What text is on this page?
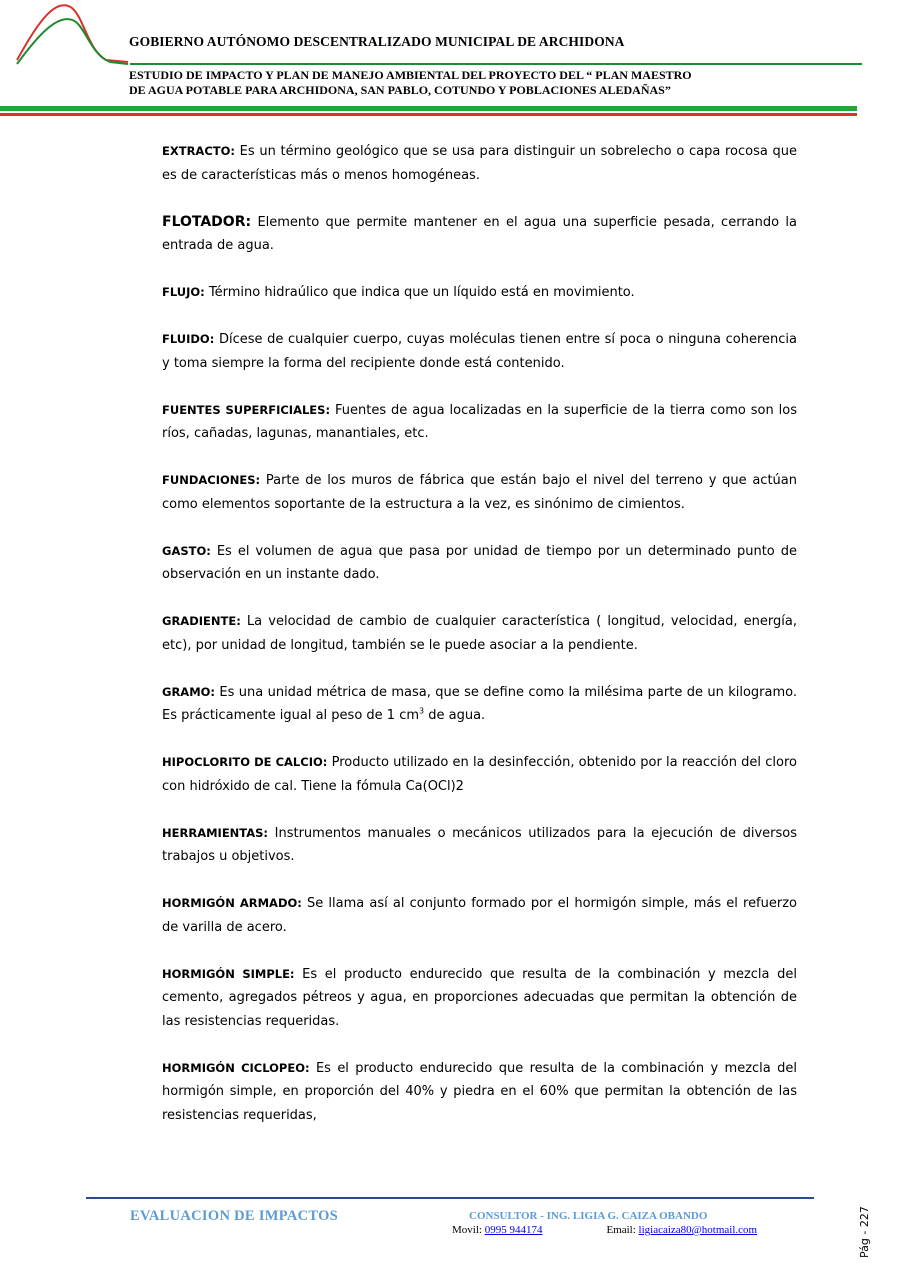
GOBIERNO AUTÓNOMO DESCENTRALIZADO MUNICIPAL DE ARCHIDONA
ESTUDIO DE IMPACTO Y PLAN DE MANEJO AMBIENTAL DEL PROYECTO DEL “ PLAN MAESTRO
DE AGUA POTABLE PARA ARCHIDONA, SAN PABLO, COTUNDO Y POBLACIONES ALEDAÑAS”

EXTRACTO: Es un término geológico que se usa para distinguir un sobrelecho o capa rocosa que es de características más o menos homogéneas.

FLOTADOR: Elemento que permite mantener en el agua una superficie pesada, cerrando la entrada de agua.

FLUJO: Término hidraúlico que indica que un líquido está en movimiento.

FLUIDO: Dícese de cualquier cuerpo, cuyas moléculas tienen entre sí poca o ninguna coherencia y toma siempre la forma del recipiente donde está contenido.

FUENTES SUPERFICIALES: Fuentes de agua localizadas en la superficie de la tierra como son los ríos, cañadas, lagunas, manantiales, etc.

FUNDACIONES: Parte de los muros de fábrica que están bajo el nivel del terreno y que actúan como elementos soportante de la estructura a la vez, es sinónimo de cimientos.

GASTO: Es el volumen de agua que pasa por unidad de tiempo por un determinado punto de observación en un instante dado.

GRADIENTE: La velocidad de cambio de cualquier característica ( longitud, velocidad, energía, etc), por unidad de longitud, también se le puede asociar a la pendiente.

GRAMO: Es una unidad métrica de masa, que se define como la milésima parte de un kilogramo. Es prácticamente igual al peso de 1 $cm^3$ de agua.

HIPOCLORITO DE CALCIO: Producto utilizado en la desinfección, obtenido por la reacción del cloro con hidróxido de cal. Tiene la fómula Ca(OCl)2

HERRAMIENTAS: Instrumentos manuales o mecánicos utilizados para la ejecución de diversos trabajos u objetivos.

HORMIGÓN ARMADO: Se llama así al conjunto formado por el hormigón simple, más el refuerzo de varilla de acero.

HORMIGÓN SIMPLE: Es el producto endurecido que resulta de la combinación y mezcla del cemento, agregados pétreos y agua, en proporciones adecuadas que permitan la obtención de las resistencias requeridas.

HORMIGÓN CICLOPEO: Es el producto endurecido que resulta de la combinación y mezcla del hormigón simple, en proporción del 40% y piedra en el 60% que permitan la obtención de las resistencias requeridas,

EVALUACION DE IMPACTOS	CONSULTOR - ING. LIGIA G. CAIZA OBANDO
Movil: 0995 944174	Email: ligiacaiza80@hotmail.com	Pág - 227
